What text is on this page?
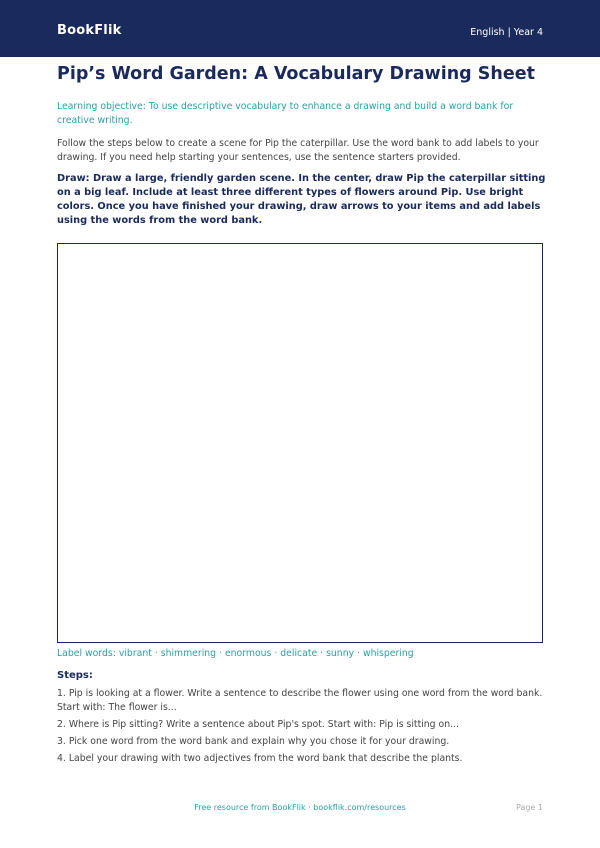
BookFlik	English | Year 4
Pip’s Word Garden: A Vocabulary Drawing Sheet
Learning objective: To use descriptive vocabulary to enhance a drawing and build a word bank for creative writing.
Follow the steps below to create a scene for Pip the caterpillar. Use the word bank to add labels to your drawing. If you need help starting your sentences, use the sentence starters provided.
Draw: Draw a large, friendly garden scene. In the center, draw Pip the caterpillar sitting on a big leaf. Include at least three different types of flowers around Pip. Use bright colors. Once you have finished your drawing, draw arrows to your items and add labels using the words from the word bank.
Label words: vibrant · shimmering · enormous · delicate · sunny · whispering
Steps:
1. Pip is looking at a flower. Write a sentence to describe the flower using one word from the word bank. Start with: The flower is...
2. Where is Pip sitting? Write a sentence about Pip's spot. Start with: Pip is sitting on...
3. Pick one word from the word bank and explain why you chose it for your drawing.
4. Label your drawing with two adjectives from the word bank that describe the plants.
Free resource from BookFlik · bookflik.com/resources	Page 1
